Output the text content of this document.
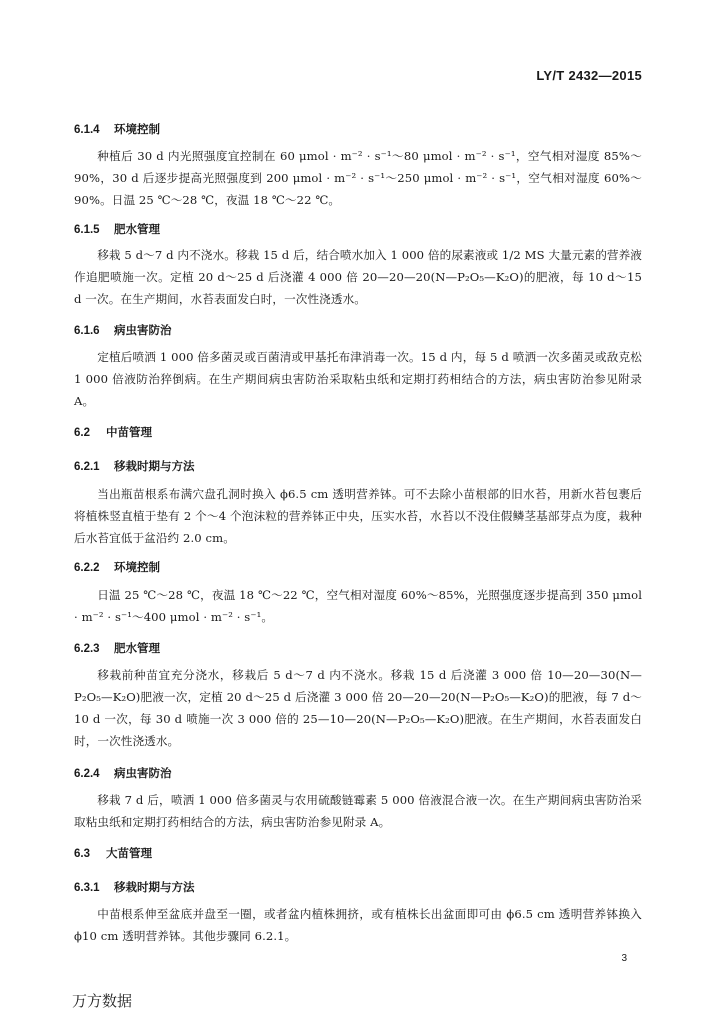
LY/T 2432—2015
6.1.4 环境控制
种植后 30 d 内光照强度宜控制在 60 μmol · m⁻² · s⁻¹～80 μmol · m⁻² · s⁻¹，空气相对湿度 85%～90%，30 d 后逐步提高光照强度到 200 μmol · m⁻² · s⁻¹～250 μmol · m⁻² · s⁻¹，空气相对湿度 60%～90%。日温 25 ℃～28 ℃，夜温 18 ℃～22 ℃。
6.1.5 肥水管理
移栽 5 d～7 d 内不浇水。移栽 15 d 后，结合喷水加入 1 000 倍的尿素液或 1/2 MS 大量元素的营养液作追肥喷施一次。定植 20 d～25 d 后浇灌 4 000 倍 20—20—20(N—P₂O₅—K₂O)的肥液，每 10 d～15 d 一次。在生产期间，水苔表面发白时，一次性浇透水。
6.1.6 病虫害防治
定植后喷洒 1 000 倍多菌灵或百菌清或甲基托布津消毒一次。15 d 内，每 5 d 喷洒一次多菌灵或敌克松 1 000 倍液防治猝倒病。在生产期间病虫害防治采取粘虫纸和定期打药相结合的方法，病虫害防治参见附录 A。
6.2 中苗管理
6.2.1 移栽时期与方法
当出瓶苗根系布满穴盘孔洞时换入 ϕ6.5 cm 透明营养钵。可不去除小苗根部的旧水苔，用新水苔包裹后将植株竖直植于垫有 2 个～4 个泡沫粒的营养钵正中央，压实水苔，水苔以不没住假鳞茎基部芽点为度，栽种后水苔宜低于盆沿约 2.0 cm。
6.2.2 环境控制
日温 25 ℃～28 ℃，夜温 18 ℃～22 ℃，空气相对湿度 60%～85%，光照强度逐步提高到 350 μmol · m⁻² · s⁻¹～400 μmol · m⁻² · s⁻¹。
6.2.3 肥水管理
移栽前种苗宜充分浇水，移栽后 5 d～7 d 内不浇水。移栽 15 d 后浇灌 3 000 倍 10—20—30(N—P₂O₅—K₂O)肥液一次，定植 20 d～25 d 后浇灌 3 000 倍 20—20—20(N—P₂O₅—K₂O)的肥液，每 7 d～10 d 一次，每 30 d 喷施一次 3 000 倍的 25—10—20(N—P₂O₅—K₂O)肥液。在生产期间，水苔表面发白时，一次性浇透水。
6.2.4 病虫害防治
移栽 7 d 后，喷洒 1 000 倍多菌灵与农用硫酸链霉素 5 000 倍液混合液一次。在生产期间病虫害防治采取粘虫纸和定期打药相结合的方法，病虫害防治参见附录 A。
6.3 大苗管理
6.3.1 移栽时期与方法
中苗根系伸至盆底并盘至一圈，或者盆内植株拥挤，或有植株长出盆面即可由 ϕ6.5 cm 透明营养钵换入 ϕ10 cm 透明营养钵。其他步骤同 6.2.1。
3
万方数据
